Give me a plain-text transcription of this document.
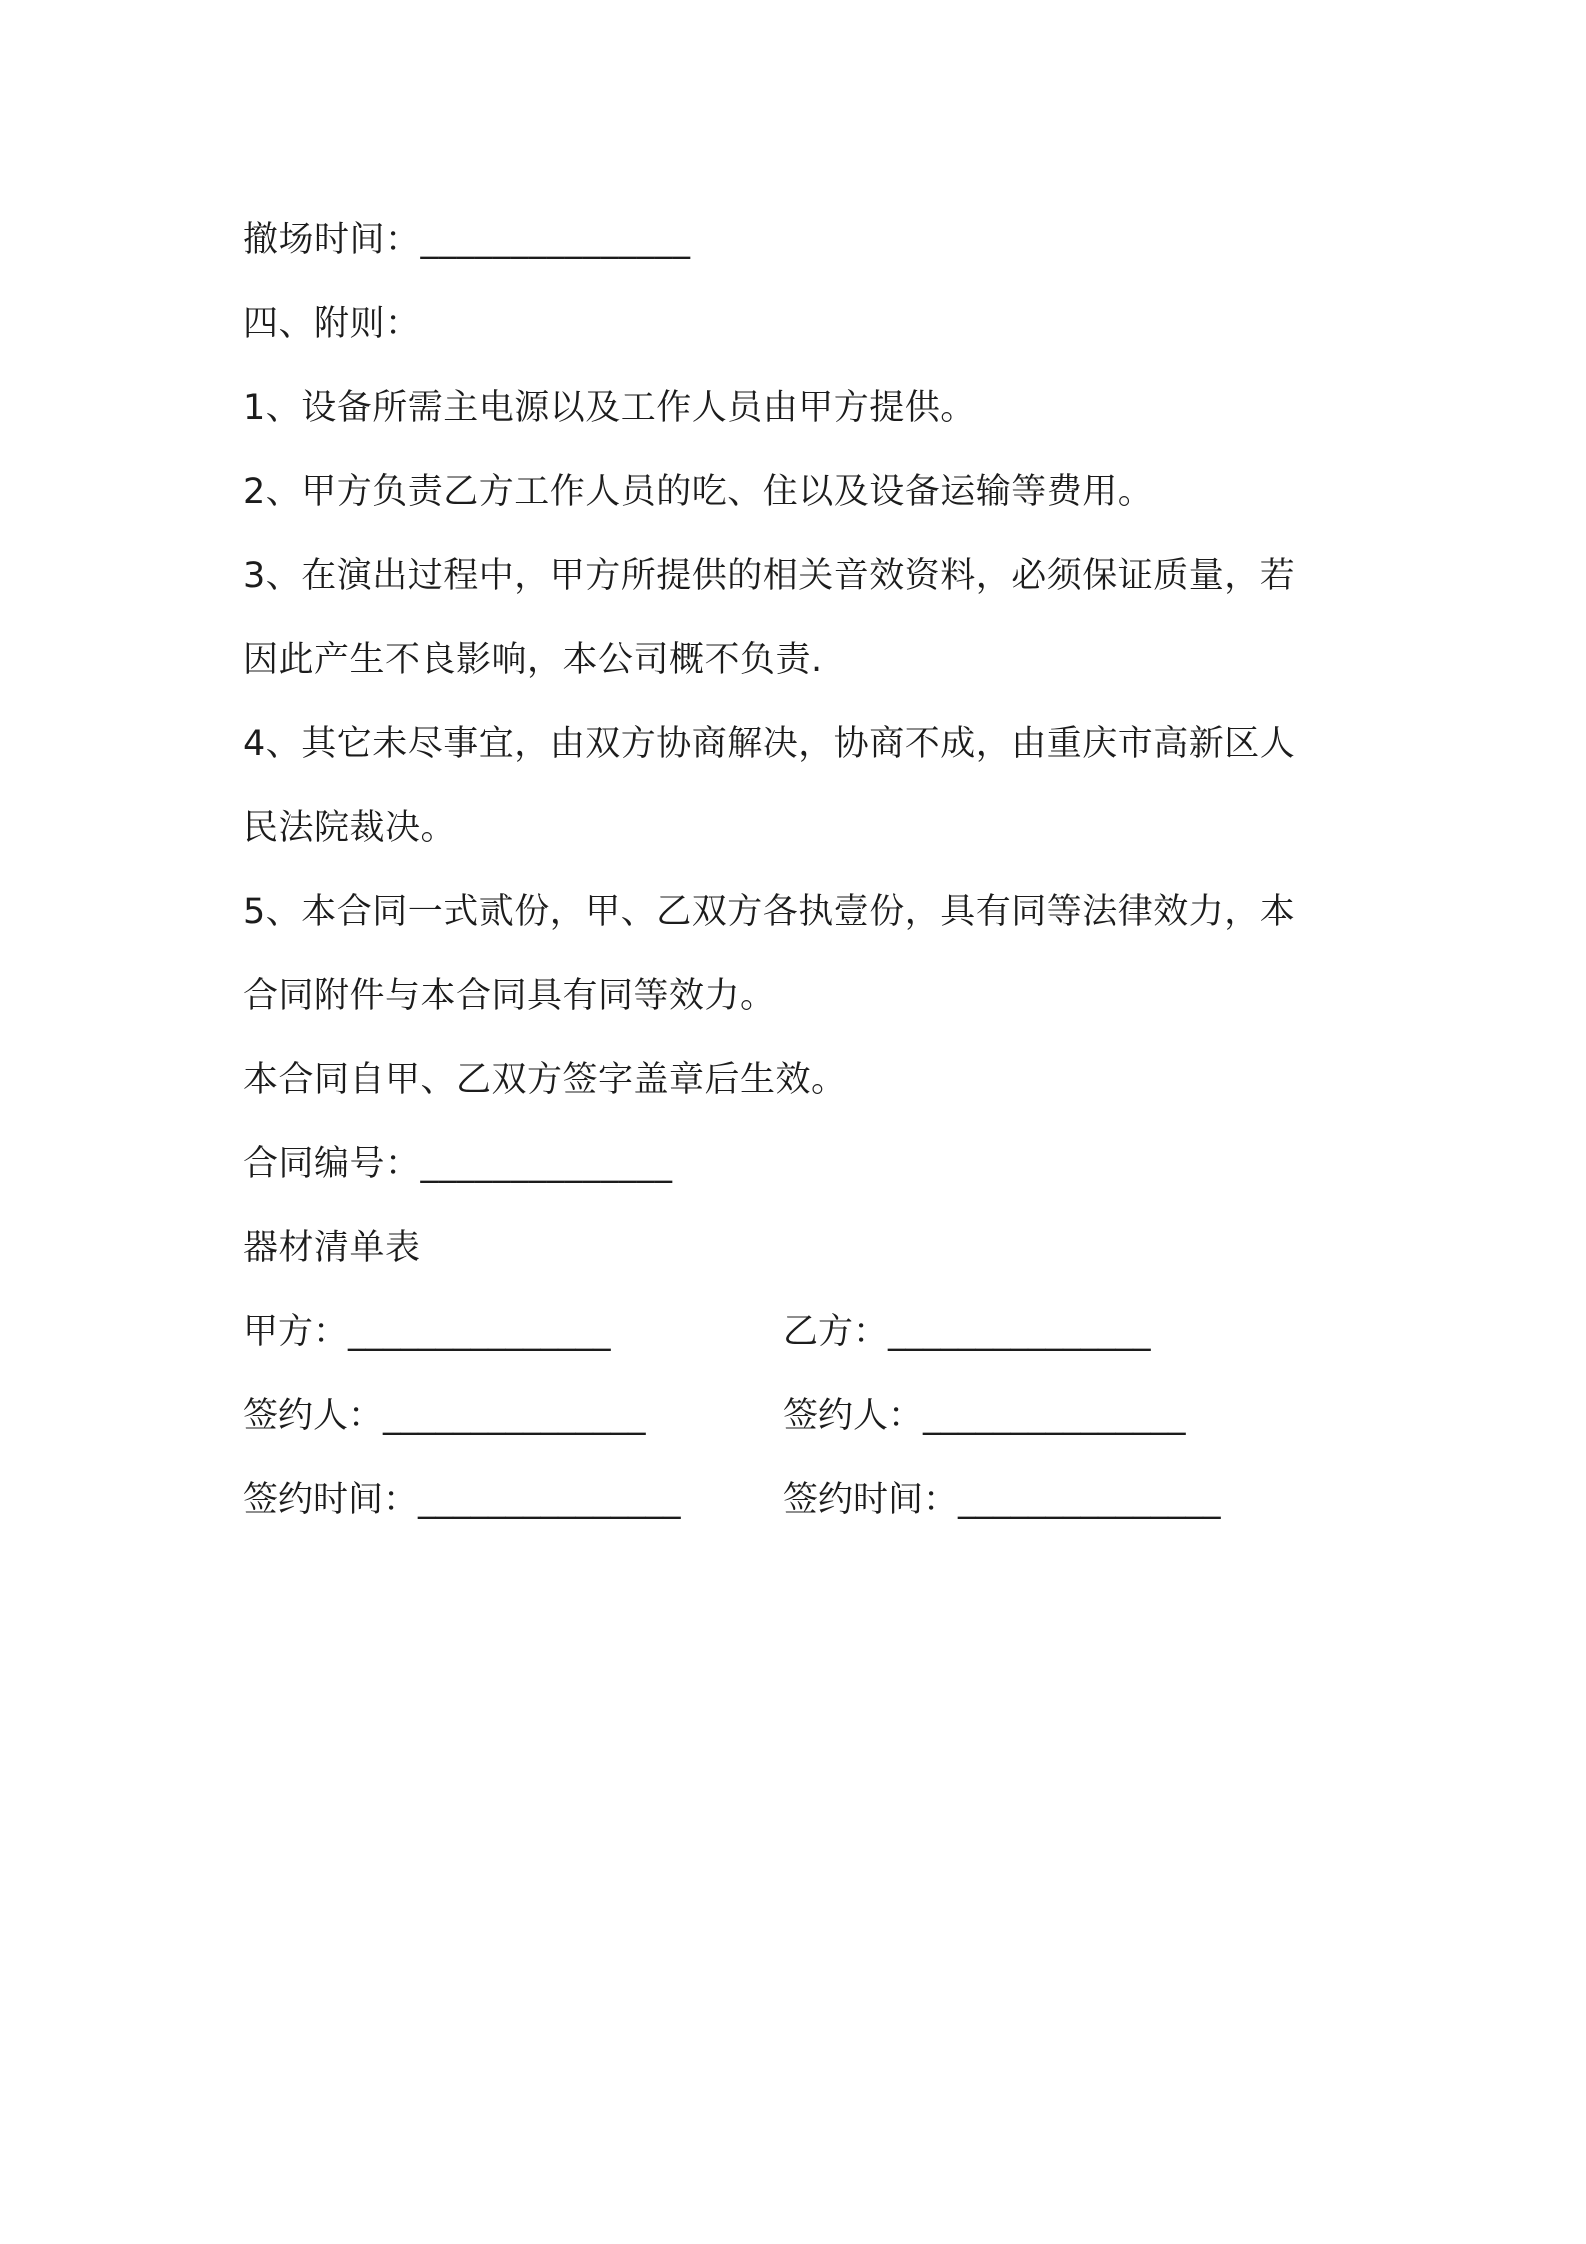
撤场时间：_______________
四、附则：
1、设备所需主电源以及工作人员由甲方提供。
2、甲方负责乙方工作人员的吃、住以及设备运输等费用。
3、在演出过程中，甲方所提供的相关音效资料，必须保证质量，若
因此产生不良影响，本公司概不负责.
4、其它未尽事宜，由双方协商解决，协商不成，由重庆市高新区人
民法院裁决。
5、本合同一式贰份，甲、乙双方各执壹份，具有同等法律效力，本
合同附件与本合同具有同等效力。
本合同自甲、乙双方签字盖章后生效。
合同编号：______________
器材清单表
甲方：_______________	乙方：_______________
签约人：_______________	签约人：_______________
签约时间：_______________	签约时间：_______________
